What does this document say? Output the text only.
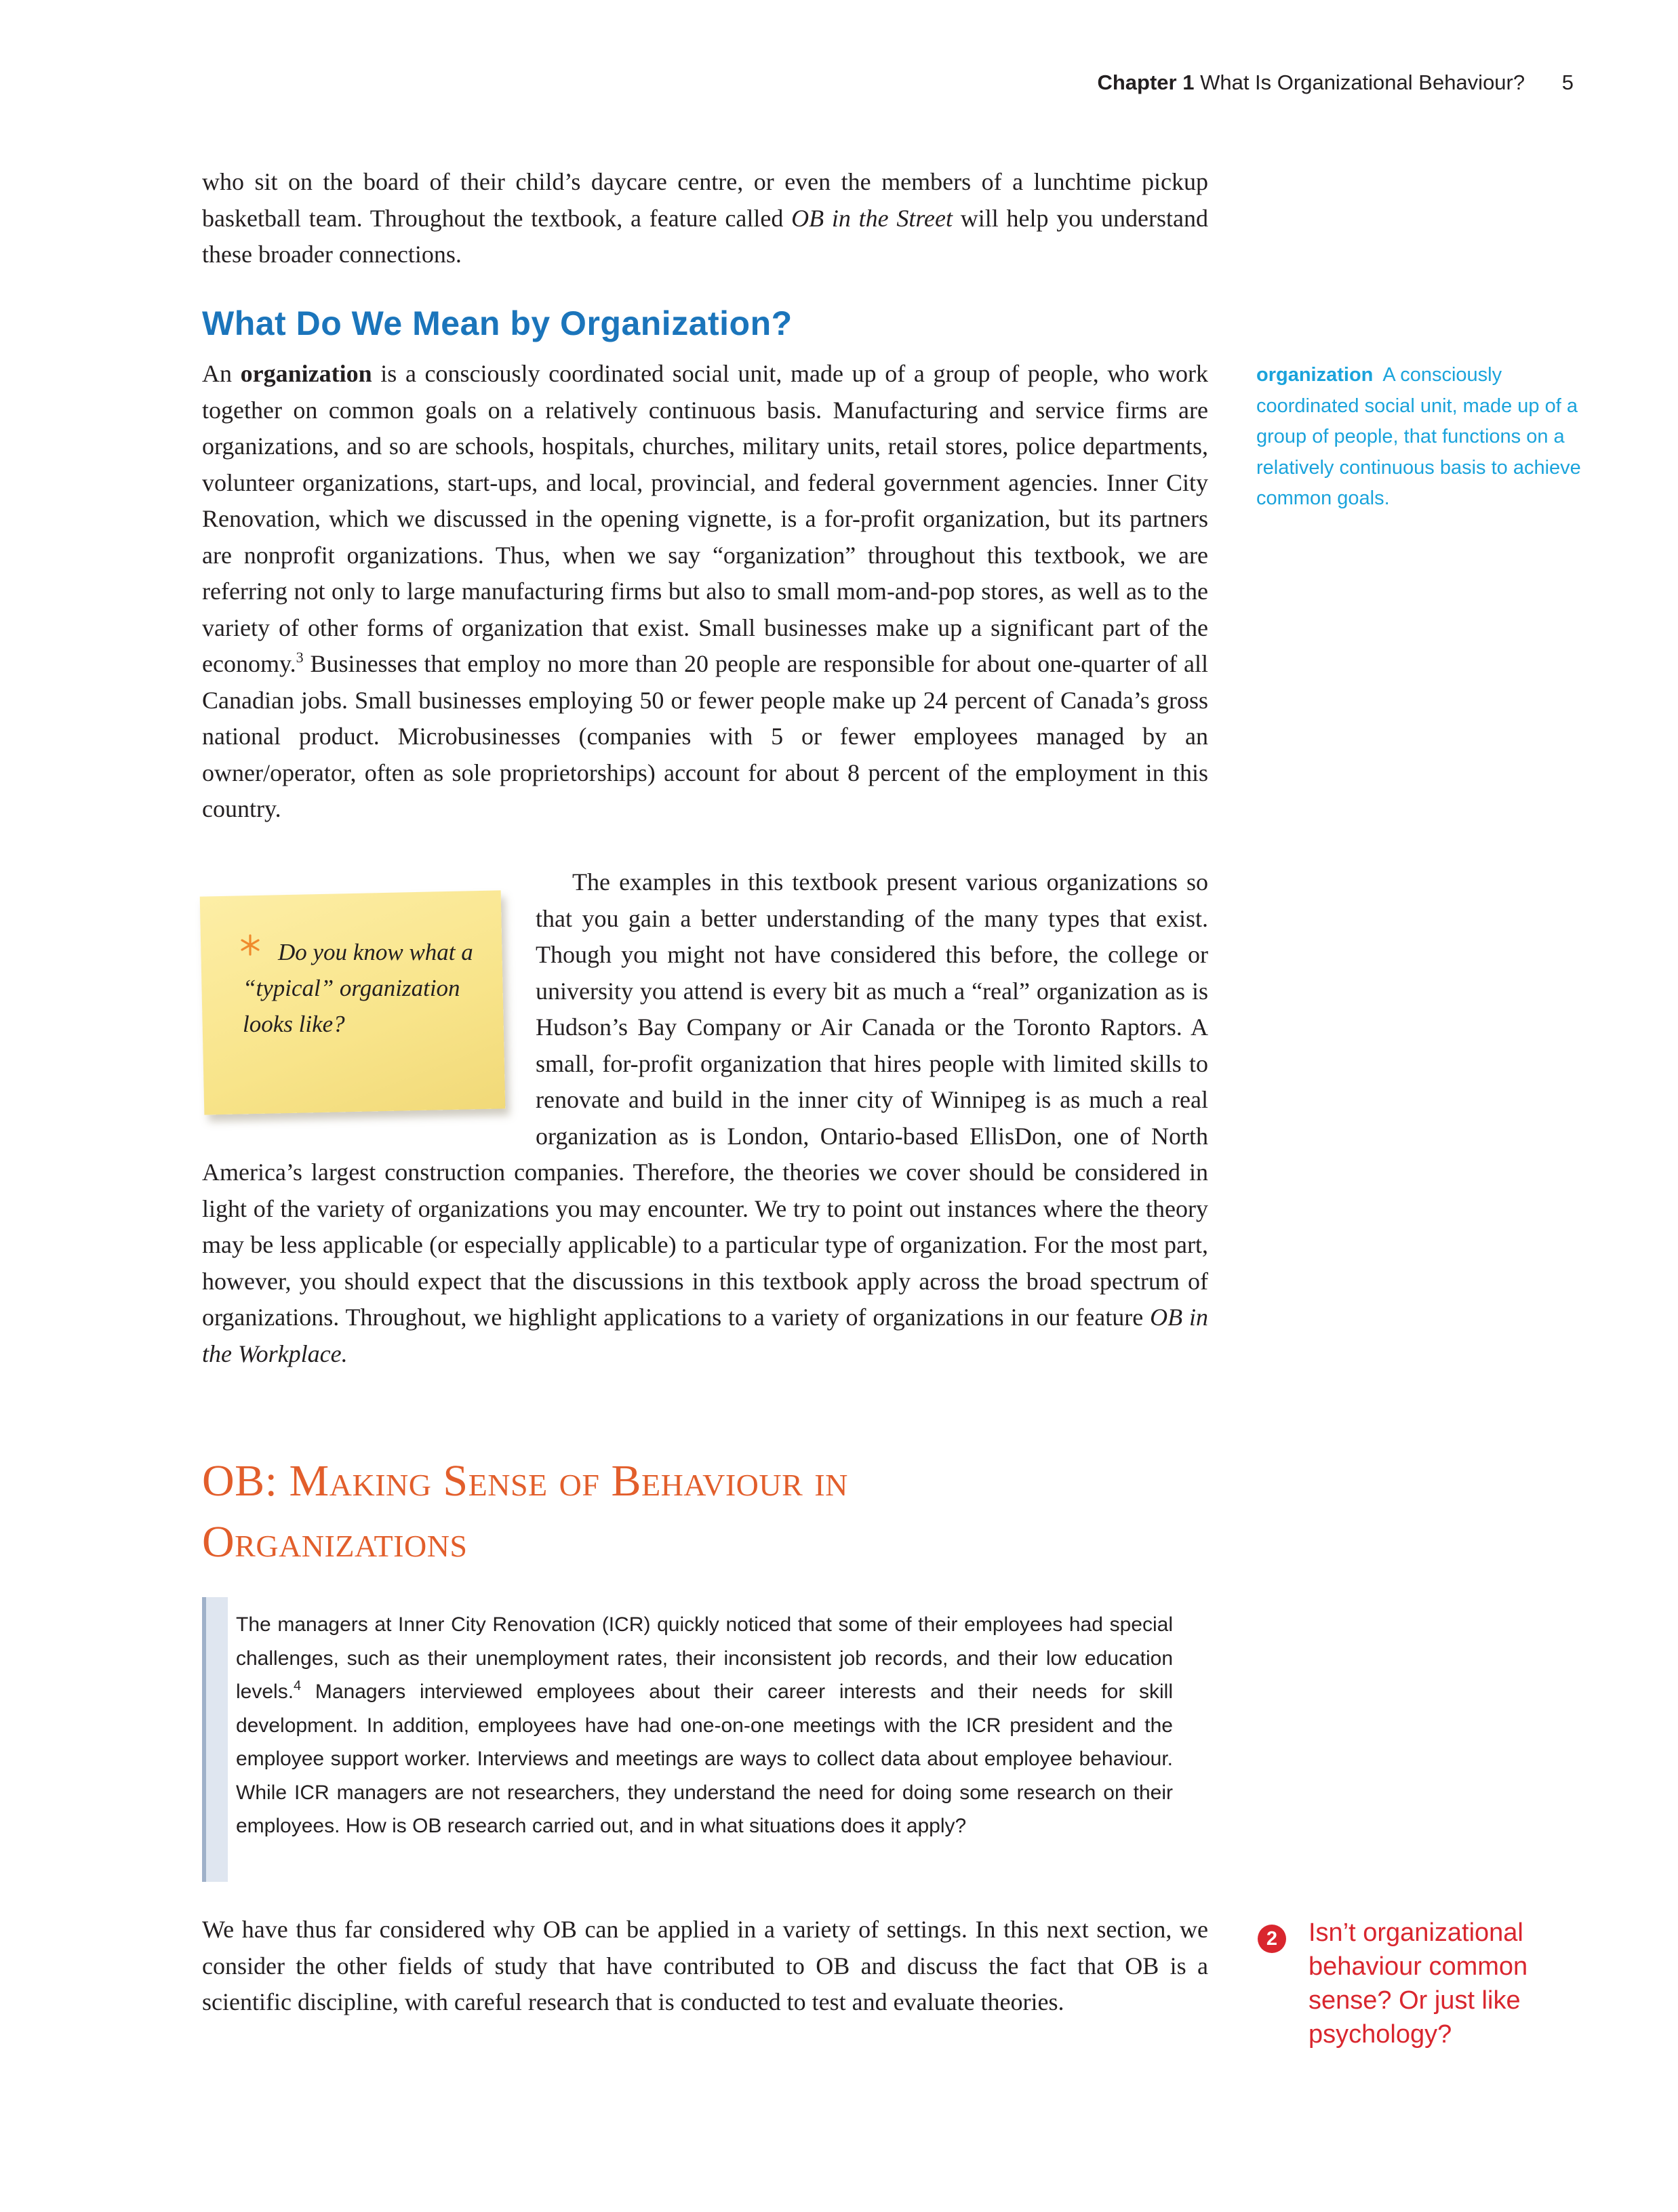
Chapter 1 What Is Organizational Behaviour? 5

who sit on the board of their child’s daycare centre, or even the members of a lunchtime pickup basketball team. Throughout the textbook, a feature called OB in the Street will help you understand these broader connections.

What Do We Mean by Organization?

An organization is a consciously coordinated social unit, made up of a group of people, who work together on common goals on a relatively continuous basis. Manufacturing and service firms are organizations, and so are schools, hospitals, churches, military units, retail stores, police departments, volunteer organizations, start-ups, and local, provincial, and federal government agencies. Inner City Renovation, which we discussed in the opening vignette, is a for-profit organization, but its partners are nonprofit organizations. Thus, when we say “organization” throughout this textbook, we are referring not only to large manufacturing firms but also to small mom-and-pop stores, as well as to the variety of other forms of organization that exist. Small businesses make up a significant part of the economy.$^3$ Businesses that employ no more than 20 people are responsible for about one-quarter of all Canadian jobs. Small businesses employing 50 or fewer people make up 24 percent of Canada’s gross national product. Microbusinesses (companies with 5 or fewer employees managed by an owner/operator, often as sole proprietorships) account for about 8 percent of the employment in this country.

The examples in this textbook present various organizations so that you gain a better understanding of the many types that exist. Though you might not have considered this before, the college or university you attend is every bit as much a “real” organization as is Hudson’s Bay Company or Air Canada or the Toronto Raptors. A small, for-profit organization that hires people with limited skills to renovate and build in the inner city of Winnipeg is as much a real organization as is London, Ontario-based EllisDon, one of North America’s largest construction companies. Therefore, the theories we cover should be considered in light of the variety of organizations you may encounter. We try to point out instances where the theory may be less applicable (or especially applicable) to a particular type of organization. For the most part, however, you should expect that the discussions in this textbook apply across the broad spectrum of organizations. Throughout, we highlight applications to a variety of organizations in our feature OB in the Workplace.

organization A consciously coordinated social unit, made up of a group of people, that functions on a relatively continuous basis to achieve common goals.
Do you know what a “typical” organization looks like?
OB: Making Sense of Behaviour in
Organizations
The managers at Inner City Renovation (ICR) quickly noticed that some of their employees had special challenges, such as their unemployment rates, their inconsistent job records, and their low education levels.$^4$ Managers interviewed employees about their career interests and their needs for skill development. In addition, employees have had one-on-one meetings with the ICR president and the employee support worker. Interviews and meetings are ways to collect data about employee behaviour. While ICR managers are not researchers, they understand the need for doing some research on their employees. How is OB research carried out, and in what situations does it apply?

We have thus far considered why OB can be applied in a variety of settings. In this next section, we consider the other fields of study that have contributed to OB and discuss the fact that OB is a scientific discipline, with careful research that is conducted to test and evaluate theories.

2	Isn’t organizational behaviour common sense? Or just like psychology?
